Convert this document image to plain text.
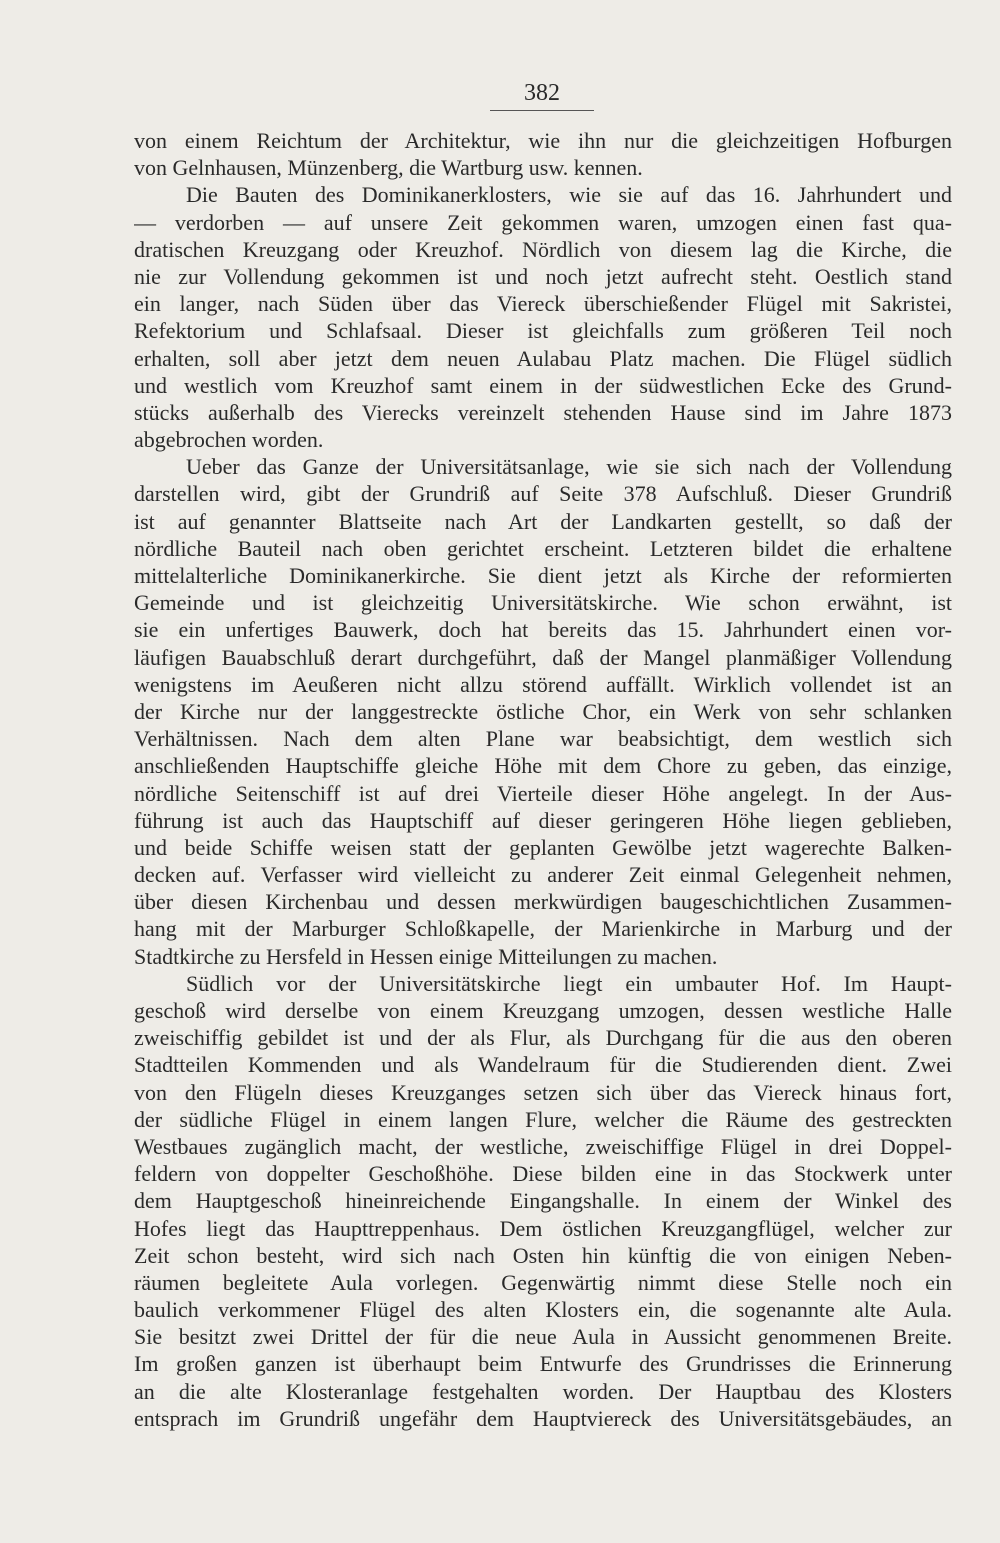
382
von einem Reichtum der Architektur, wie ihn nur die gleichzeitigen Hofburgen
von Gelnhausen, Münzenberg, die Wartburg usw. kennen.
Die Bauten des Dominikanerklosters, wie sie auf das 16. Jahrhundert und
— verdorben — auf unsere Zeit gekommen waren, umzogen einen fast qua-
dratischen Kreuzgang oder Kreuzhof. Nördlich von diesem lag die Kirche, die
nie zur Vollendung gekommen ist und noch jetzt aufrecht steht. Oestlich stand
ein langer, nach Süden über das Viereck überschießender Flügel mit Sakristei,
Refektorium und Schlafsaal. Dieser ist gleichfalls zum größeren Teil noch
erhalten, soll aber jetzt dem neuen Aulabau Platz machen. Die Flügel südlich
und westlich vom Kreuzhof samt einem in der südwestlichen Ecke des Grund-
stücks außerhalb des Vierecks vereinzelt stehenden Hause sind im Jahre 1873
abgebrochen worden.
Ueber das Ganze der Universitätsanlage, wie sie sich nach der Vollendung
darstellen wird, gibt der Grundriß auf Seite 378 Aufschluß. Dieser Grundriß
ist auf genannter Blattseite nach Art der Landkarten gestellt, so daß der
nördliche Bauteil nach oben gerichtet erscheint. Letzteren bildet die erhaltene
mittelalterliche Dominikanerkirche. Sie dient jetzt als Kirche der reformierten
Gemeinde und ist gleichzeitig Universitätskirche. Wie schon erwähnt, ist
sie ein unfertiges Bauwerk, doch hat bereits das 15. Jahrhundert einen vor-
läufigen Bauabschluß derart durchgeführt, daß der Mangel planmäßiger Vollendung
wenigstens im Aeußeren nicht allzu störend auffällt. Wirklich vollendet ist an
der Kirche nur der langgestreckte östliche Chor, ein Werk von sehr schlanken
Verhältnissen. Nach dem alten Plane war beabsichtigt, dem westlich sich
anschließenden Hauptschiffe gleiche Höhe mit dem Chore zu geben, das einzige,
nördliche Seitenschiff ist auf drei Vierteile dieser Höhe angelegt. In der Aus-
führung ist auch das Hauptschiff auf dieser geringeren Höhe liegen geblieben,
und beide Schiffe weisen statt der geplanten Gewölbe jetzt wagerechte Balken-
decken auf. Verfasser wird vielleicht zu anderer Zeit einmal Gelegenheit nehmen,
über diesen Kirchenbau und dessen merkwürdigen baugeschichtlichen Zusammen-
hang mit der Marburger Schloßkapelle, der Marienkirche in Marburg und der
Stadtkirche zu Hersfeld in Hessen einige Mitteilungen zu machen.
Südlich vor der Universitätskirche liegt ein umbauter Hof. Im Haupt-
geschoß wird derselbe von einem Kreuzgang umzogen, dessen westliche Halle
zweischiffig gebildet ist und der als Flur, als Durchgang für die aus den oberen
Stadtteilen Kommenden und als Wandelraum für die Studierenden dient. Zwei
von den Flügeln dieses Kreuzganges setzen sich über das Viereck hinaus fort,
der südliche Flügel in einem langen Flure, welcher die Räume des gestreckten
Westbaues zugänglich macht, der westliche, zweischiffige Flügel in drei Doppel-
feldern von doppelter Geschoßhöhe. Diese bilden eine in das Stockwerk unter
dem Hauptgeschoß hineinreichende Eingangshalle. In einem der Winkel des
Hofes liegt das Haupttreppenhaus. Dem östlichen Kreuzgangflügel, welcher zur
Zeit schon besteht, wird sich nach Osten hin künftig die von einigen Neben-
räumen begleitete Aula vorlegen. Gegenwärtig nimmt diese Stelle noch ein
baulich verkommener Flügel des alten Klosters ein, die sogenannte alte Aula.
Sie besitzt zwei Drittel der für die neue Aula in Aussicht genommenen Breite.
Im großen ganzen ist überhaupt beim Entwurfe des Grundrisses die Erinnerung
an die alte Klosteranlage festgehalten worden. Der Hauptbau des Klosters
entsprach im Grundriß ungefähr dem Hauptviereck des Universitätsgebäudes, an
